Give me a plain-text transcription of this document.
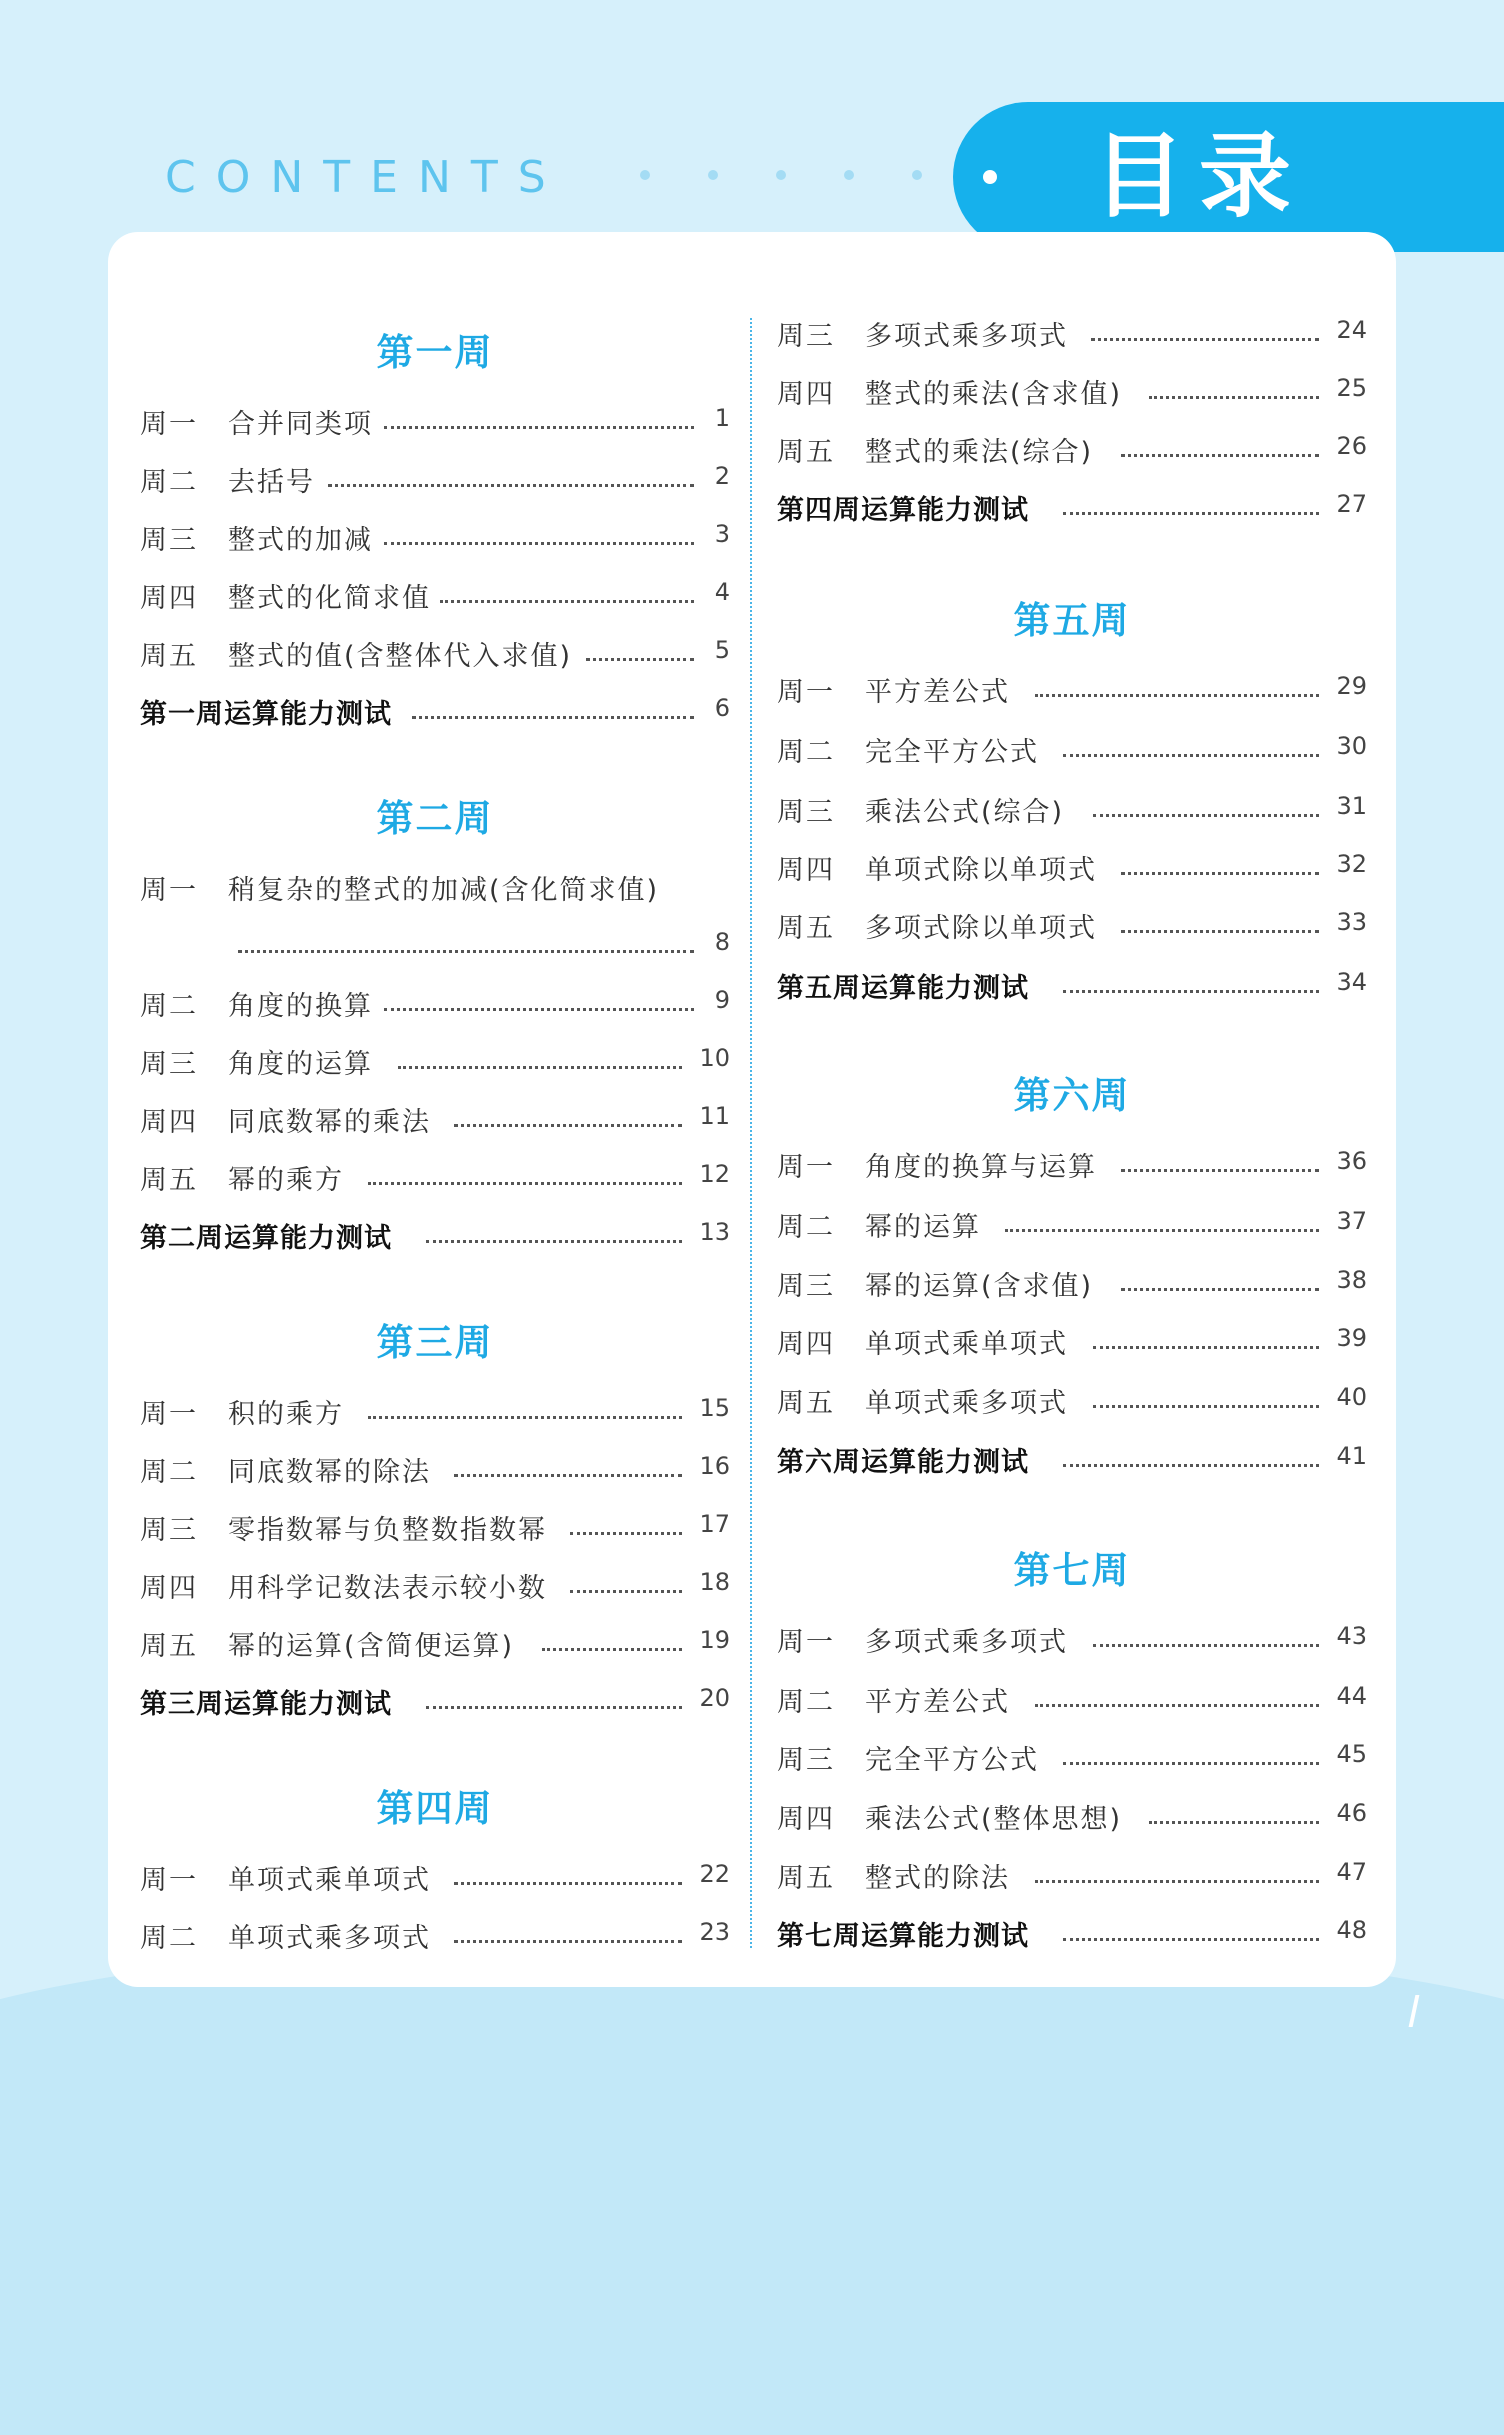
CONTENTS	目录
第一周
周一 合并同类项	1
周二 去括号	2
周三 整式的加减	3
周四 整式的化简求值	4
周五 整式的值(含整体代入求值)	5
第一周运算能力测试	6
第二周
周一 稍复杂的整式的加减(含化简求值)
8
周二 角度的换算	9
周三 角度的运算	10
周四 同底数幂的乘法	11
周五 幂的乘方	12
第二周运算能力测试	13
第三周
周一 积的乘方	15
周二 同底数幂的除法	16
周三 零指数幂与负整数指数幂	17
周四 用科学记数法表示较小数	18
周五 幂的运算(含简便运算)	19
第三周运算能力测试	20
第四周
周一 单项式乘单项式	22
周二 单项式乘多项式	23
周三 多项式乘多项式	24
周四 整式的乘法(含求值)	25
周五 整式的乘法(综合)	26
第四周运算能力测试	27
第五周
周一 平方差公式	29
周二 完全平方公式	30
周三 乘法公式(综合)	31
周四 单项式除以单项式	32
周五 多项式除以单项式	33
第五周运算能力测试	34
第六周
周一 角度的换算与运算	36
周二 幂的运算	37
周三 幂的运算(含求值)	38
周四 单项式乘单项式	39
周五 单项式乘多项式	40
第六周运算能力测试	41
第七周
周一 多项式乘多项式	43
周二 平方差公式	44
周三 完全平方公式	45
周四 乘法公式(整体思想)	46
周五 整式的除法	47
第七周运算能力测试	48
